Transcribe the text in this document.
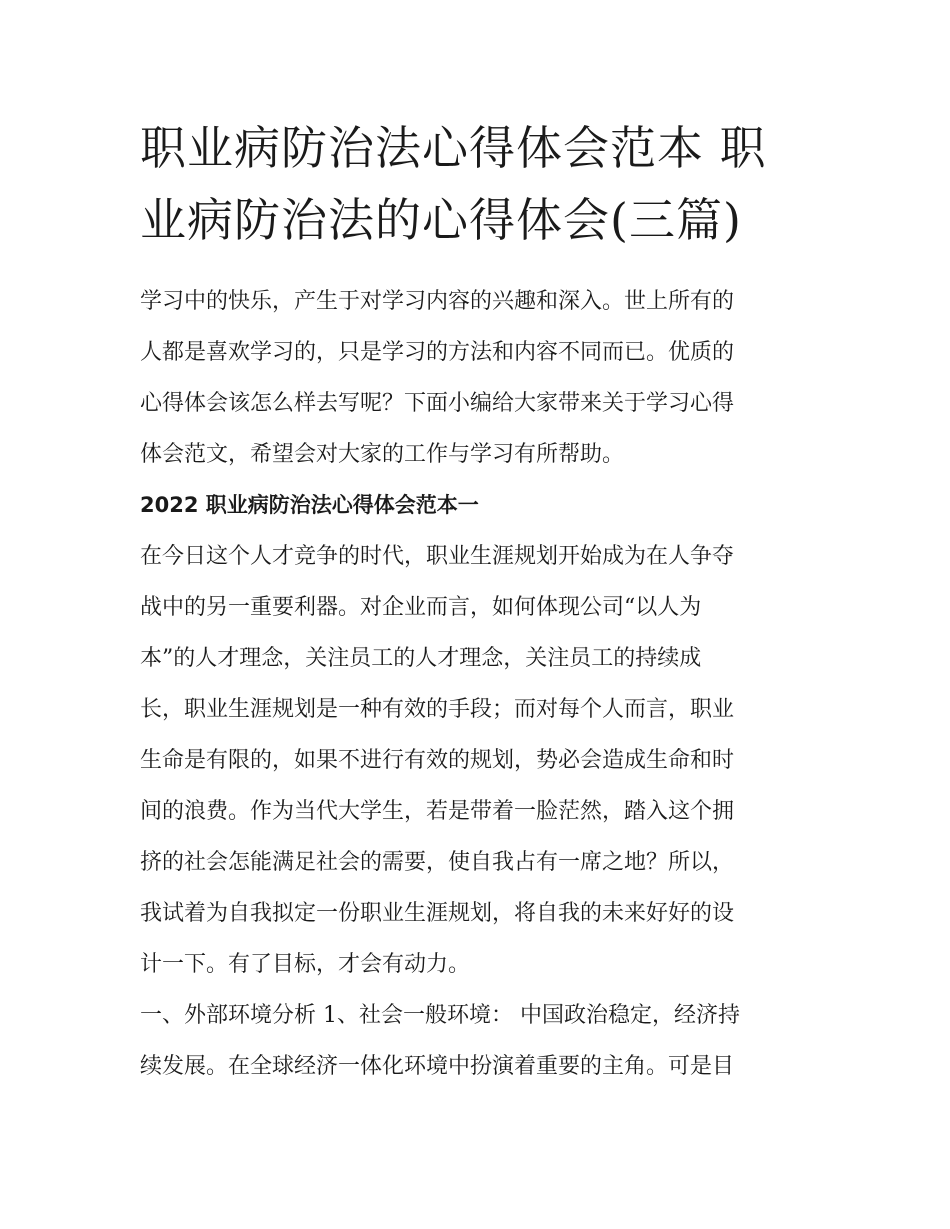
职业病防治法心得体会范本 职
业病防治法的心得体会(三篇)

学习中的快乐，产生于对学习内容的兴趣和深入。世上所有的
人都是喜欢学习的，只是学习的方法和内容不同而已。优质的
心得体会该怎么样去写呢？下面小编给大家带来关于学习心得
体会范文，希望会对大家的工作与学习有所帮助。

2022 职业病防治法心得体会范本一

在今日这个人才竞争的时代，职业生涯规划开始成为在人争夺
战中的另一重要利器。对企业而言，如何体现公司“以人为
本”的人才理念，关注员工的人才理念，关注员工的持续成
长，职业生涯规划是一种有效的手段；而对每个人而言，职业
生命是有限的，如果不进行有效的规划，势必会造成生命和时
间的浪费。作为当代大学生，若是带着一脸茫然，踏入这个拥
挤的社会怎能满足社会的需要，使自我占有一席之地？所以，
我试着为自我拟定一份职业生涯规划，将自我的未来好好的设
计一下。有了目标，才会有动力。

一、外部环境分析 1、社会一般环境： 中国政治稳定，经济持
续发展。在全球经济一体化环境中扮演着重要的主角。可是目
